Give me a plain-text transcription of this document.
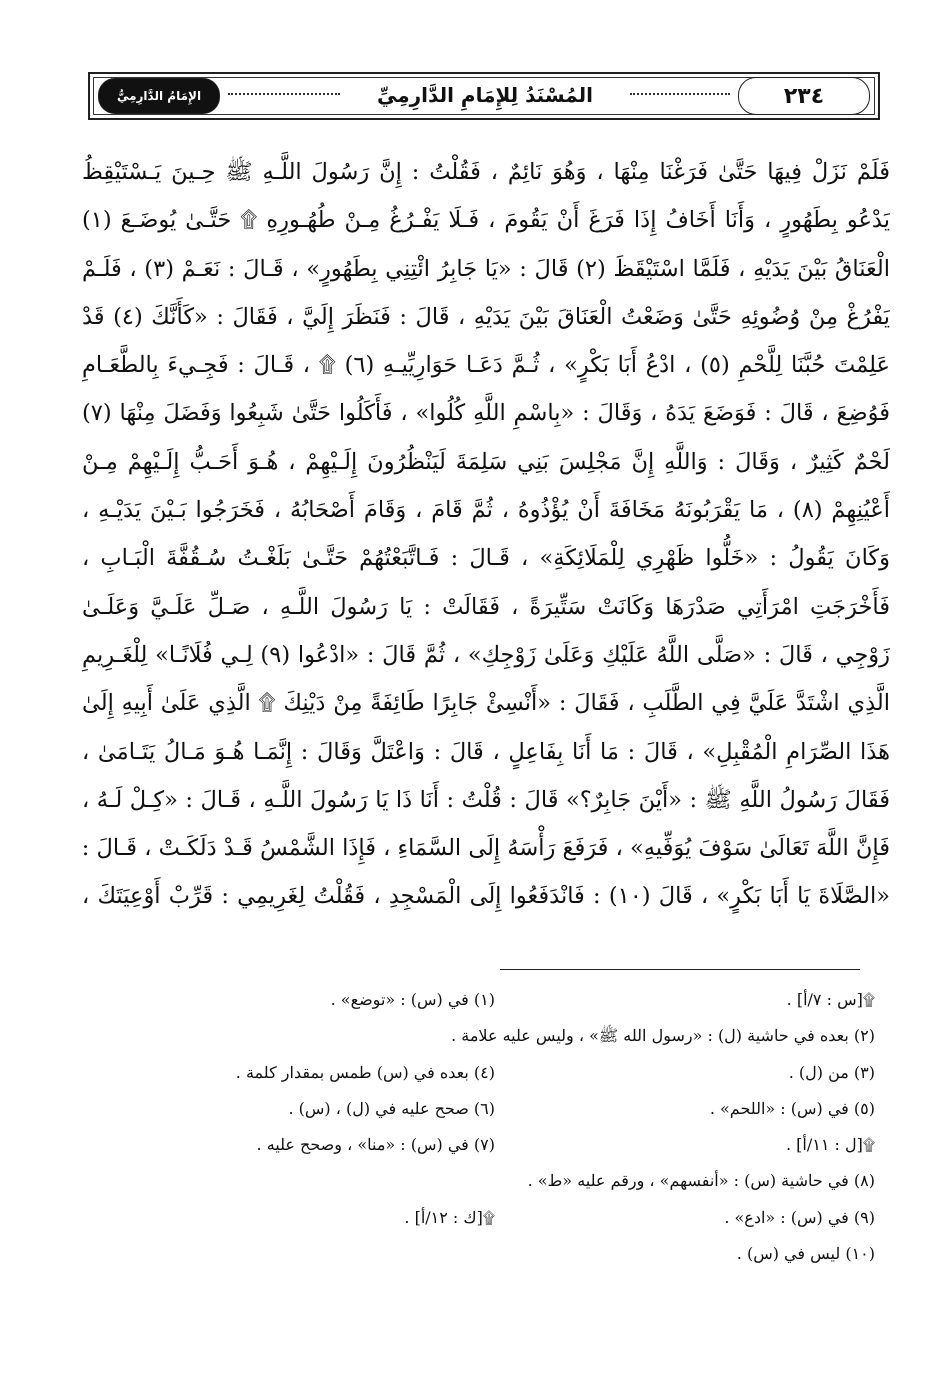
الإِمَامُ الدَّارِمِيُّ	المُسْنَدُ لِلإِمَامِ الدَّارِمِيِّ	٢٣٤
فَلَمْ نَزَلْ فِيهَا حَتَّىٰ فَرَغْنَا مِنْهَا ، وَهُوَ نَائِمٌ ، فَقُلْتُ : إِنَّ رَسُولَ اللَّـهِ ﷺ حِـينَ يَـسْتَيْقِظُ
يَدْعُو بِطَهُورٍ ، وَأَنَا أَخَافُ إِذَا فَرَغَ أَنْ يَقُومَ ، فَـلَا يَفْـرُغُ مِـنْ طُهُـورِهِ ۩ حَتَّـىٰ يُوضَـعَ (١)
الْعَنَاقُ بَيْنَ يَدَيْهِ ، فَلَمَّا اسْتَيْقَظَ (٢) قَالَ : «يَا جَابِرُ ائْتِنِي بِطَهُورٍ» ، قَـالَ : نَعَـمْ (٣) ، فَلَـمْ
يَفْرُغْ مِنْ وُضُوئِهِ حَتَّىٰ وَضَعْتُ الْعَنَاقَ بَيْنَ يَدَيْهِ ، قَالَ : فَنَظَرَ إِلَيَّ ، فَقَالَ : «كَأَنَّكَ (٤) قَدْ
عَلِمْتَ حُبَّنَا لِلَّحْمِ (٥) ، ادْعُ أَبَا بَكْرٍ» ، ثُـمَّ دَعَـا حَوَارِيِّيـهِ (٦) ۩ ، قَـالَ : فَجِـيءَ بِالطَّعَـامِ
فَوُضِعَ ، قَالَ : فَوَضَعَ يَدَهُ ، وَقَالَ : «بِاسْمِ اللَّهِ كُلُوا» ، فَأَكَلُوا حَتَّىٰ شَبِعُوا وَفَضَلَ مِنْهَا (٧)
لَحْمٌ كَثِيرٌ ، وَقَالَ : وَاللَّهِ إِنَّ مَجْلِسَ بَنِي سَلِمَةَ لَيَنْظُرُونَ إِلَـيْهِمْ ، هُـوَ أَحَـبُّ إِلَـيْهِمْ مِـنْ
أَعْيُنِهِمْ (٨) ، مَا يَقْرَبُونَهُ مَخَافَةَ أَنْ يُؤْذُوهُ ، ثُمَّ قَامَ ، وَقَامَ أَصْحَابُهُ ، فَخَرَجُوا بَـيْنَ يَدَيْـهِ ،
وَكَانَ يَقُولُ : «خَلُّوا ظَهْرِي لِلْمَلَائِكَةِ» ، قَـالَ : فَـاتَّبَعْتُهُمْ حَتَّـىٰ بَلَغْـتُ سُـقُفَّةَ الْبَـابِ ،
فَأَخْرَجَتِ امْرَأَتِي صَدْرَهَا وَكَانَتْ سَتِّيرَةً ، فَقَالَتْ : يَا رَسُولَ اللَّـهِ ، صَـلِّ عَلَـيَّ وَعَلَـىٰ
زَوْجِي ، قَالَ : «صَلَّى اللَّهُ عَلَيْكِ وَعَلَىٰ زَوْجِكِ» ، ثُمَّ قَالَ : «ادْعُوا (٩) لِـي فُلَانًـا» لِلْغَـرِيمِ
الَّذِي اشْتَدَّ عَلَيَّ فِي الطَّلَبِ ، فَقَالَ : «أَنْسِئْ جَابِرًا طَائِفَةً مِنْ دَيْنِكَ ۩ الَّذِي عَلَىٰ أَبِيهِ إِلَىٰ
هَذَا الصِّرَامِ الْمُقْبِلِ» ، قَالَ : مَا أَنَا بِفَاعِلٍ ، قَالَ : وَاعْتَلَّ وَقَالَ : إِنَّمَـا هُـوَ مَـالُ يَتَـامَىٰ ،
فَقَالَ رَسُولُ اللَّهِ ﷺ : «أَيْنَ جَابِرٌ؟» قَالَ : قُلْتُ : أَنَا ذَا يَا رَسُولَ اللَّـهِ ، قَـالَ : «كِـلْ لَـهُ ،
فَإِنَّ اللَّهَ تَعَالَىٰ سَوْفَ يُوَفِّيهِ» ، فَرَفَعَ رَأْسَهُ إِلَى السَّمَاءِ ، فَإِذَا الشَّمْسُ قَـدْ دَلَكَـتْ ، قَـالَ :
«الصَّلَاةَ يَا أَبَا بَكْرٍ» ، قَالَ (١٠) : فَانْدَفَعُوا إِلَى الْمَسْجِدِ ، فَقُلْتُ لِغَرِيمِي : قَرِّبْ أَوْعِيَتَكَ ،
۩[س : ٧/أ] .
(١) في (س) : «توضع» .
(٢) بعده في حاشية (ل) : «رسول الله ﷺ» ، وليس عليه علامة .
(٣) من (ل) .
(٤) بعده في (س) طمس بمقدار كلمة .
(٥) في (س) : «اللحم» .
(٦) صحح عليه في (ل) ، (س) .
۩[ل : ١١/أ] .
(٧) في (س) : «منا» ، وصحح عليه .
(٨) في حاشية (س) : «أنفسهم» ، ورقم عليه «ط» .
(٩) في (س) : «ادع» .
۩[ك : ١٢/أ] .
(١٠) ليس في (س) .
